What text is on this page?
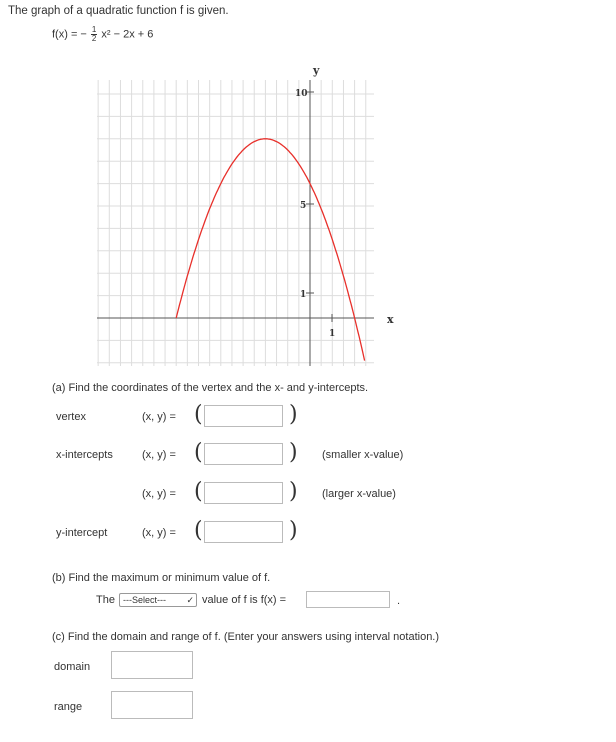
The graph of a quadratic function f is given.
f(x) = − $\frac{1}{2} x^2 - 2x + 6$
y
x
10
5
1
1
(a) Find the coordinates of the vertex and the x- and y-intercepts.
vertex	(x, y) = (	)
x-intercepts	(x, y) = (	) (smaller x-value)
(x, y) = (	) (larger x-value)
y-intercept	(x, y) = (	)
(b) Find the maximum or minimum value of f.
The ---Select--- ✓ value of f is f(x) =	.
(c) Find the domain and range of f. (Enter your answers using interval notation.)
domain
range
